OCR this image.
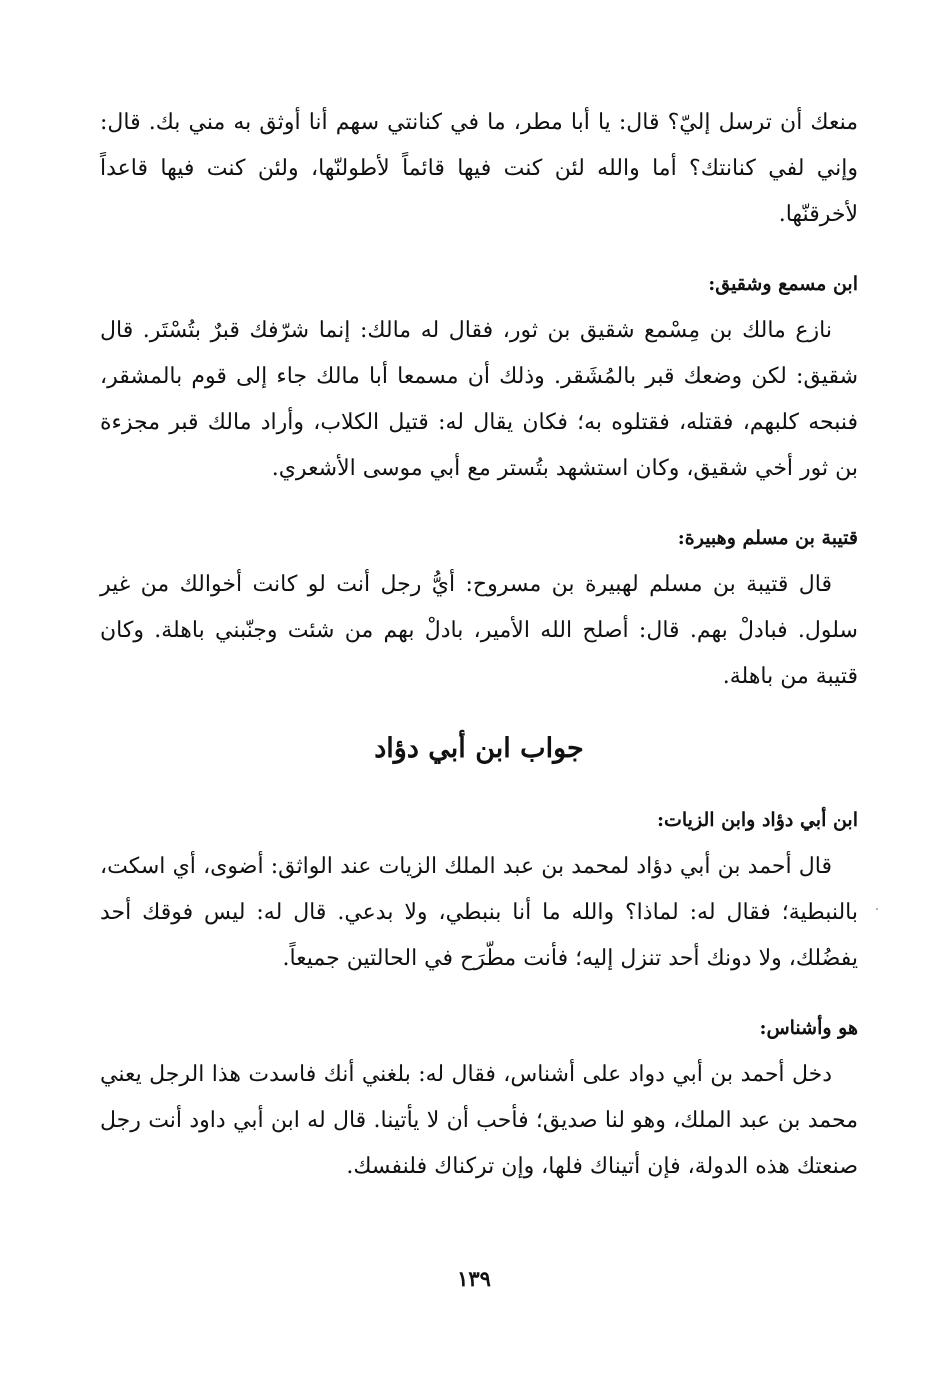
منعك أن ترسل إليّ؟ قال: يا أبا مطر، ما في كنانتي سهم أنا أوثق به مني بك. قال: وإني لفي كنانتك؟ أما والله لئن كنت فيها قائماً لأطولنّها، ولئن كنت فيها قاعداً لأخرقنّها.

ابن مسمع وشقيق:

نازع مالك بن مِسْمع شقيق بن ثور، فقال له مالك: إنما شرّفك قبرٌ بتُسْتَر. قال شقيق: لكن وضعك قبر بالمُشَقر. وذلك أن مسمعا أبا مالك جاء إلى قوم بالمشقر، فنبحه كلبهم، فقتله، فقتلوه به؛ فكان يقال له: قتيل الكلاب، وأراد مالك قبر مجزءة بن ثور أخي شقيق، وكان استشهد بتُستر مع أبي موسى الأشعري.

قتيبة بن مسلم وهبيرة:

قال قتيبة بن مسلم لهبيرة بن مسروح: أيُّ رجل أنت لو كانت أخوالك من غير سلول. فبادلْ بهم. قال: أصلح الله الأمير، بادلْ بهم من شئت وجنّبني باهلة. وكان قتيبة من باهلة.

جواب ابن أبي دؤاد
ابن أبي دؤاد وابن الزيات:

قال أحمد بن أبي دؤاد لمحمد بن عبد الملك الزيات عند الواثق: أضوى، أي اسكت، بالنبطية؛ فقال له: لماذا؟ والله ما أنا بنبطي، ولا بدعي. قال له: ليس فوقك أحد يفضُلك، ولا دونك أحد تنزل إليه؛ فأنت مطّرَح في الحالتين جميعاً.

هو وأشناس:

دخل أحمد بن أبي دواد على أشناس، فقال له: بلغني أنك فاسدت هذا الرجل يعني محمد بن عبد الملك، وهو لنا صديق؛ فأحب أن لا يأتينا. قال له ابن أبي داود أنت رجل صنعتك هذه الدولة، فإن أتيناك فلها، وإن تركناك فلنفسك.

١٣٩
